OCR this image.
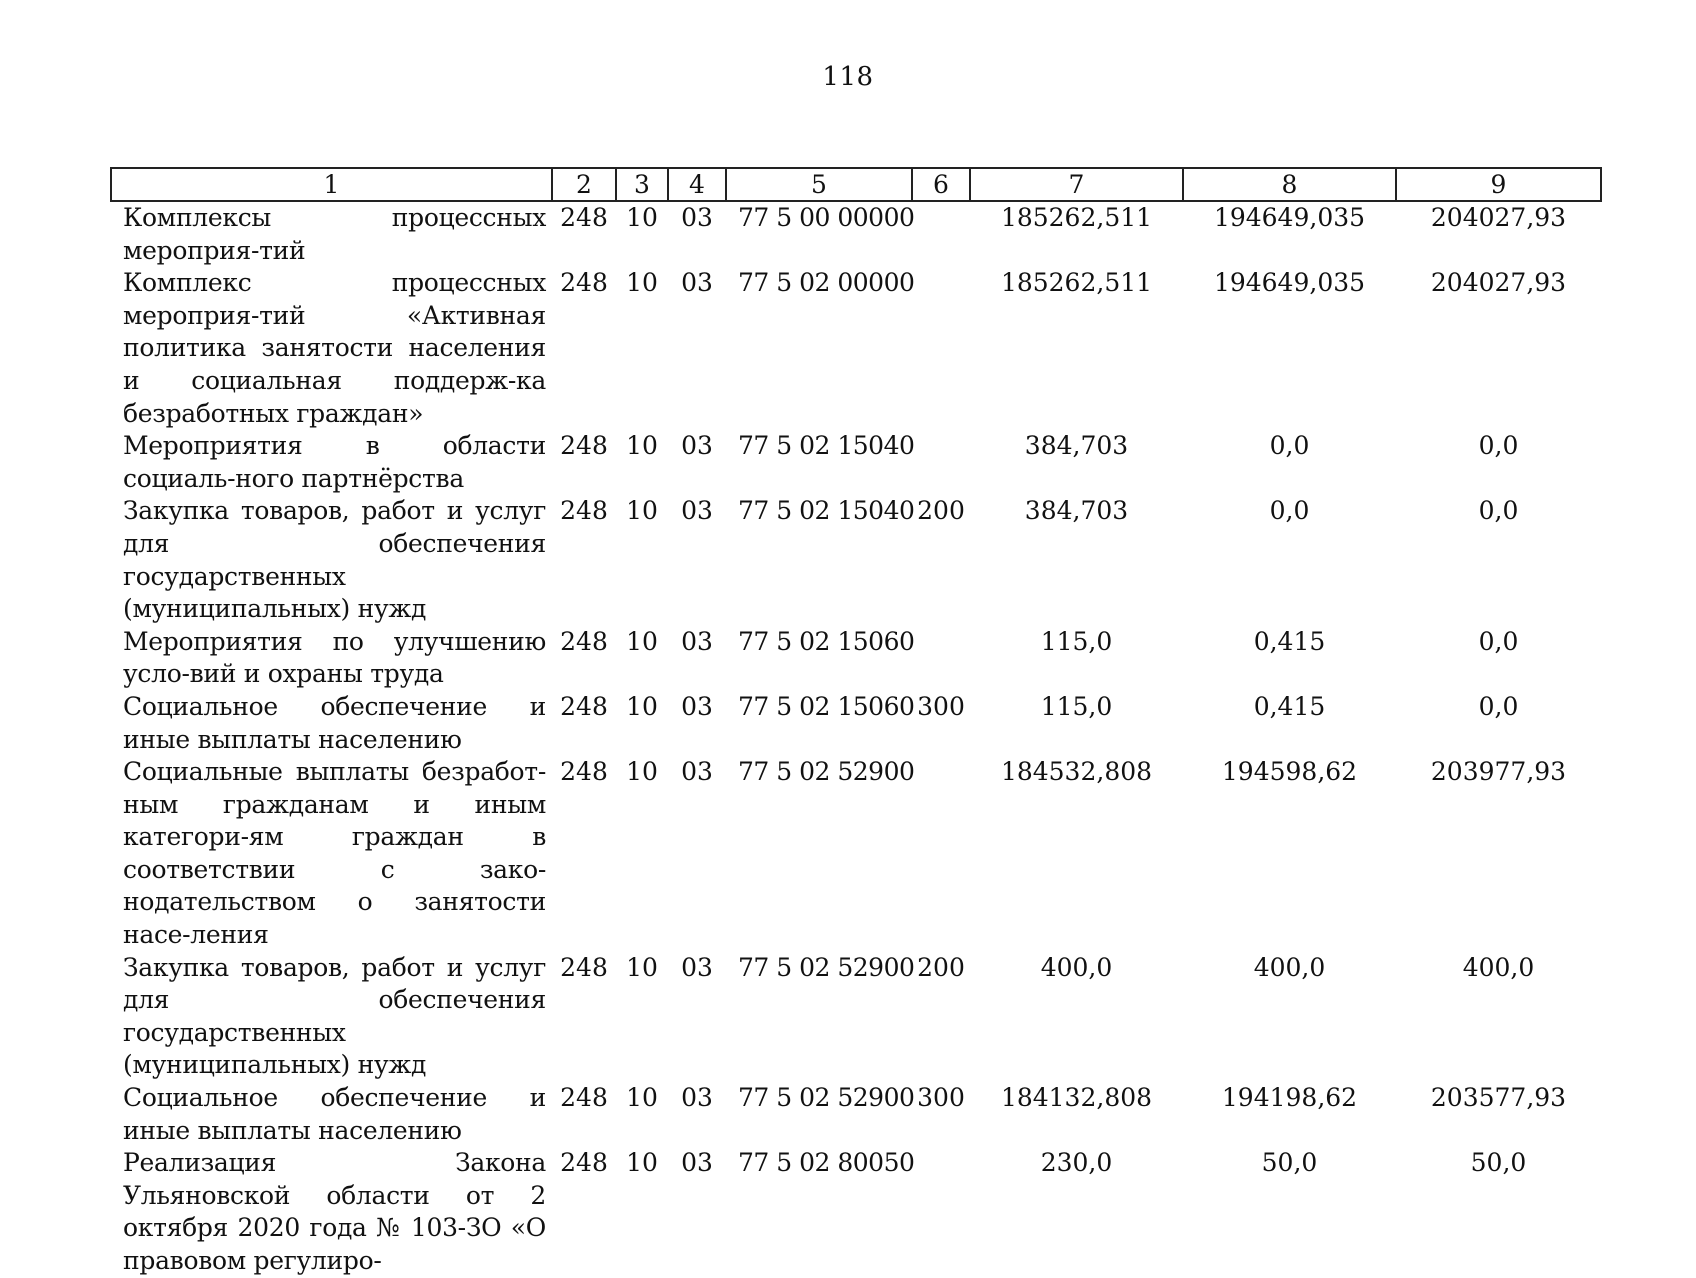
118
1	2	3	4	5	6	7	8	9
Комплексы процессных мероприя-тий	248	10	03	77 5 00 00000		185262,511	194649,035	204027,93
Комплекс процессных мероприя-тий «Активная политика занятости населения и социальная поддерж-ка безработных граждан»	248	10	03	77 5 02 00000		185262,511	194649,035	204027,93
Мероприятия в области социаль-ного партнёрства	248	10	03	77 5 02 15040		384,703	0,0	0,0
Закупка товаров, работ и услуг для обеспечения государственных (муниципальных) нужд	248	10	03	77 5 02 15040	200	384,703	0,0	0,0
Мероприятия по улучшению усло-вий и охраны труда	248	10	03	77 5 02 15060		115,0	0,415	0,0
Социальное обеспечение и иные выплаты населению	248	10	03	77 5 02 15060	300	115,0	0,415	0,0
Социальные выплаты безработ-ным гражданам и иным категори-ям граждан в соответствии с зако-нодательством о занятости насе-ления	248	10	03	77 5 02 52900		184532,808	194598,62	203977,93
Закупка товаров, работ и услуг для обеспечения государственных (муниципальных) нужд	248	10	03	77 5 02 52900	200	400,0	400,0	400,0
Социальное обеспечение и иные выплаты населению	248	10	03	77 5 02 52900	300	184132,808	194198,62	203577,93
Реализация Закона Ульяновской области от 2 октября 2020 года № 103-ЗО «О правовом регулиро-	248	10	03	77 5 02 80050		230,0	50,0	50,0
